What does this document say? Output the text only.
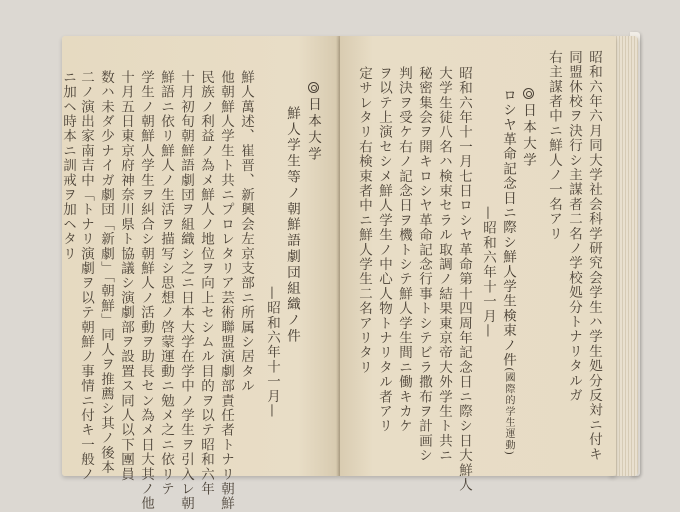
日本大学
鮮人学生等ノ朝鮮語劇団組織ノ件
—昭和六年十一月—
鮮人萬述、崔晋、新興会左京支部ニ所属シ居タル
他朝鮮人学生ト共ニプロレタリア芸術聯盟演劇部責任者トナリ朝鮮
民族ノ利益ノ為メ鮮人ノ地位ヲ向上セシムル目的ヲ以テ昭和六年
十月初旬朝鮮語劇団ヲ組織シ之ニ日本大学在学中ノ学生ヲ引入レ朝
鮮語ニ依リ鮮人ノ生活ヲ描写シ思想ノ啓蒙運動ニ勉メ之ニ依リテ
学生ノ朝鮮人学生ヲ糾合シ朝鮮人ノ活動ヲ助長セン為メ日大其ノ他
十月五日東京府神奈川県ト協議シ演劇部ヲ設置ス同人以下團員
数ハ未ダ少ナイガ劇団「新劇」「朝鮮」同人ヲ推薦シ其ノ後本
二ノ演出家南吉中「トナリ演劇ヲ以テ朝鮮ノ事情ニ付キ一般ノ
ニ加ヘ時本ニ訓戒ヲ加ヘタリ	昭和六年六月同大学社会科学研究会学生ハ学生処分反対ニ付キ
同盟休校ヲ決行シ主謀者二名ノ学校処分トナリタルガ
右主謀者中ニ鮮人ノ一名アリ
日本大学
ロシヤ革命記念日ニ際シ鮮人学生検束ノ件(國際的学生運動)
—昭和六年十一月—
昭和六年十一月七日ロシヤ革命第十四周年記念日ニ際シ日大鮮人
大学生徒八名ハ検束セラル取調ノ結果東京帝大外学生ト共ニ
秘密集会ヲ開キロシヤ革命記念行事トシテビラ撒布ヲ計画シ
判決ヲ受ケ右ノ記念日ヲ機トシテ鮮人学生間ニ働キカケ
ヲ以テ上演セシメ鮮人学生ノ中心人物トナリタル者アリ
定サレタリ右検束者中ニ鮮人学生二名アリタリ
